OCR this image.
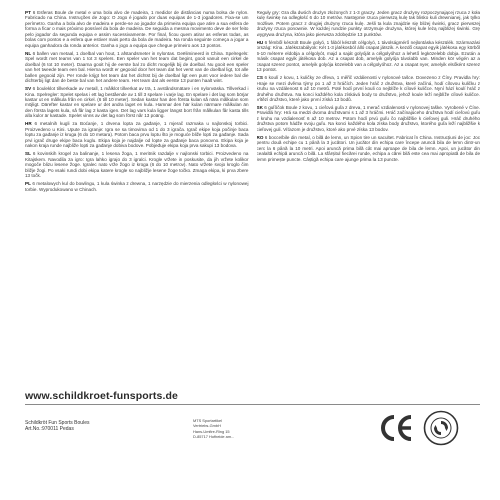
PT 6 Esferas Boule de metal e uma bola alvo de madeira, 1 medidor de distâncias numa bolsa de nylon. Fabricado na China. Instruções de Jogo: O Jogo é jogado por duas equipas de 1-3 jogadores. Fixa-se um perímetro. Ganha a bola alvo de madeira e perde-se ao jogador da primeira equipa que atire a sua esfera de forma a ficar o mais próximo possível da bola de madeira. De seguida a mesma movimento deve de ser feito pelo jogador da segunda equipa e assim sucessivamente. Por final, ficou quem atirar as esferas todas, as bolas com pontos e a esfera que estiver mais perto da bola de madeira. Na ronda seguinte começa a jogar a equipa ganhadora da ronda anterior. Ganha o jogo a equipa que chegue primeiro aos 13 pontos.

NL 6 ballen van metaal, 1 doelbal van hout, 1 afstandsmeter in nylontas. Geëlimineerd in China. Spelregels: Spel wordt met teams van 1 tot 3 spelers. Een speler van het team dat begint, gooit vanuit een cirkel de doelbal (6 tot 10 meter). Daarna gooit hij de eerste bal zo dicht mogelijk bij de doelbal. Nu gooit een speler van het tweede team een bal. Hierna wordt er gegooid door het team dat het verst van de doelbal ligt, tot alle ballen gegooid zijn. Per ronde krijgt het team dat het dichtst bij de doelbal ligt een punt voor iedere bal die dichterbij ligt dan de beste bal van het andere team. Het team dat als eerste 13 punten haalt wint.

SV 6 bouleklot tillverkade av metall, 1 målklot tillverkat av trä, 1 avståndsmätare i en nylonväska. Tillverkad i Kina. Spelregler: Spelet spelas i ett lag bestående av 1 till 3 spelare i varje lag. En spelare i det lag som börjar kastar ut en målkula från en cirkel. (6 till 10 meter). Sedan kastar han den första kulan så nära målkulan som möjligt. Därefter kastar en spelare ur det andra laget en kula. Hamnar den här kulan närmare målkulan än den första lagets kula, så får lag 2 kasta igen. Det lag vars kula ligger längst bort från målkulan får kasta tills alla kulor är kastade. Spelet vinns av det lag som först når 13 poäng.

HR 6 metalnih kugli za Boćanje, 1 drvena lopta za gađanje, 1 mjerač razmaka u najlonskoj torbici. Proizvedeno u Kini. Upute za igranje: Igra se sa timovima od 1 do 3 igrača. Igrač ekipe koja počinje baca loptu za gađanje iz kruga (6 do 10 metara). Potom baca prvu loptu što je moguće bliže lopti za gađanje. Sada prvi igrač druge ekipe baca kuglu. Ekipa koja je najdalje od lopte za gađanje baca ponovno. Ekipa koja je nakon kraja runde najbliže lopti za gađanje dobiva bodove. Pobjeđuje ekipa koja prva sakupi 13 bodova.

SL 6 kovinskih krogel za balinanje, 1 lesena žoga, 1 meritnik razdalje v najlonski torbici. Proizvedeno na Kitajskem. Navodila za igro: Igra lahko igrajo do 3 igralci. Krogle vržete in poskusite, da jih vržete kolikor mogoče blizu lesene žoge. Igralec nato vrže žogo iz kroga (6 do 10 metrov). Nato vržete svojo kroglo čim bližje žogi. Po vsaki rundi dobi ekipa katere krogle so najbližje lesene žoge točko. Zmaga ekipa, ki prva zbere 13 točk.

PL 6 metalowych kul do bowlingu, 1 kula świnka z drewna, 1 narzędzie do mierzenia odległości w nylonowej torbie. Wyprodukowano w Chinach.

Reguły gry: Gra dla dwóch drużyn złożonych z 1-3 graczy. Jeden gracz drużyny rozpoczynającej rzuca z koła kulę świnkę na odległość 6 do 10 metrów. Następnie rzuca pierwszą kulę tak blisko kuli drewnianej, jak tylko możliwe. Potem gracz z drugiej drużyny rzuca kulę. Jeśli ta kula znajdzie się bliżej świnki, gracz pierwszej drużyny rzuca ponownie. W każdej rundzie punkty otrzymuje drużyna, której kule leżą najbliżej świnki. Grę wygrywa drużyna, która jako pierwsza zdobędzie 13 punktów.

HU 6 fémből készült Boule golyó, 1 fából készült célgolyó, 1 távolságmérő nejlontáska készülék. Származási ország: Kína. Játékszabályok: Két 1-3 játékosból álló csapat játszik. A kezdő csapat egyik játékosa egy körből 6-10 méterre eldobja a célgolyót, majd a saját golyóját a célgolyóhoz a lehető legközelebb dobja. Ezután a másik csapat egyik játékosa dob. Az a csapat dob, amelyik golyója távolabb van. Minden kör végén az a csapat szerez pontot, amelyik golyója közelebb van a célgolyóhoz. Az a csapat nyer, amelyik elsőként szerez 13 pontot.

CS 6 koulí z kovu, 1 kuličky ze dřeva, 1 měřič vzdálenosti v nylonové tašce. Dovezeno z Číny. Pravidla hry: Hraje se mezi dvěma týmy po 1 až 3 hráčích. Jeden hráč z družstva, které začíná, hodí cílovou kuličku z kruhu na vzdálenost 6 až 10 metrů. Poté hodí první kouli co nejblíže k cílové kuličce. Nyní hází koulí hráč z druhého družstva. Na konci každého kola získává body to družstvo, jehož koule leží nejblíže cílové kuličce. Vítězí družstvo, které jako první získá 13 bodů.

SK 6 guľôčok Boule z kovu, 1 cieľová guľa z dreva, 1 merač vzdialenosti v nylonovej taške. Vyrobené v Číne. Pravidlá hry: Hrá sa medzi dvoma družstvami s 1 až 3 hráčmi. Hráč začínajúceho družstva hodí cieľovú guľu z kruhu na vzdialenosť 6 až 10 metrov. Potom hodí prvú guľu čo najbližšie k cieľovej guli. Hráč druhého družstva potom hádže svoju guľu. Na konci každého kola získa body družstvo, ktorého guľa leží najbližšie k cieľovej guli. Víťazom je družstvo, ktoré ako prvé získa 13 bodov.

RO 6 bocce/bile din metal, o bilă de lemn, un Spion tire un sacultet. Fabricat în China. Instrucțiuni de joc: Joc pentru două echipe cu 1 până la 3 jucători. Un jucător din echipa care începe aruncă bila de lemn dintr-un cerc la 6 până la 10 metri. Apoi aruncă prima bilă cât mai aproape de bila de lemn. Apoi, un jucător din cealaltă echipă aruncă o bilă. La sfârșitul fiecărei runde, echipa a cărei bilă este cea mai apropiată de bila de lemn primește puncte. Câștigă echipa care ajunge prima la 13 puncte.

www.schildkroet-funsports.de
Schildkröt Fun Sports Boules
Art.No.:970011 Pedas
MTS Sportartikel
Vertriebs-GmbH
Hans-Umfire-Ring 15
D-85717 Hofheide am...
